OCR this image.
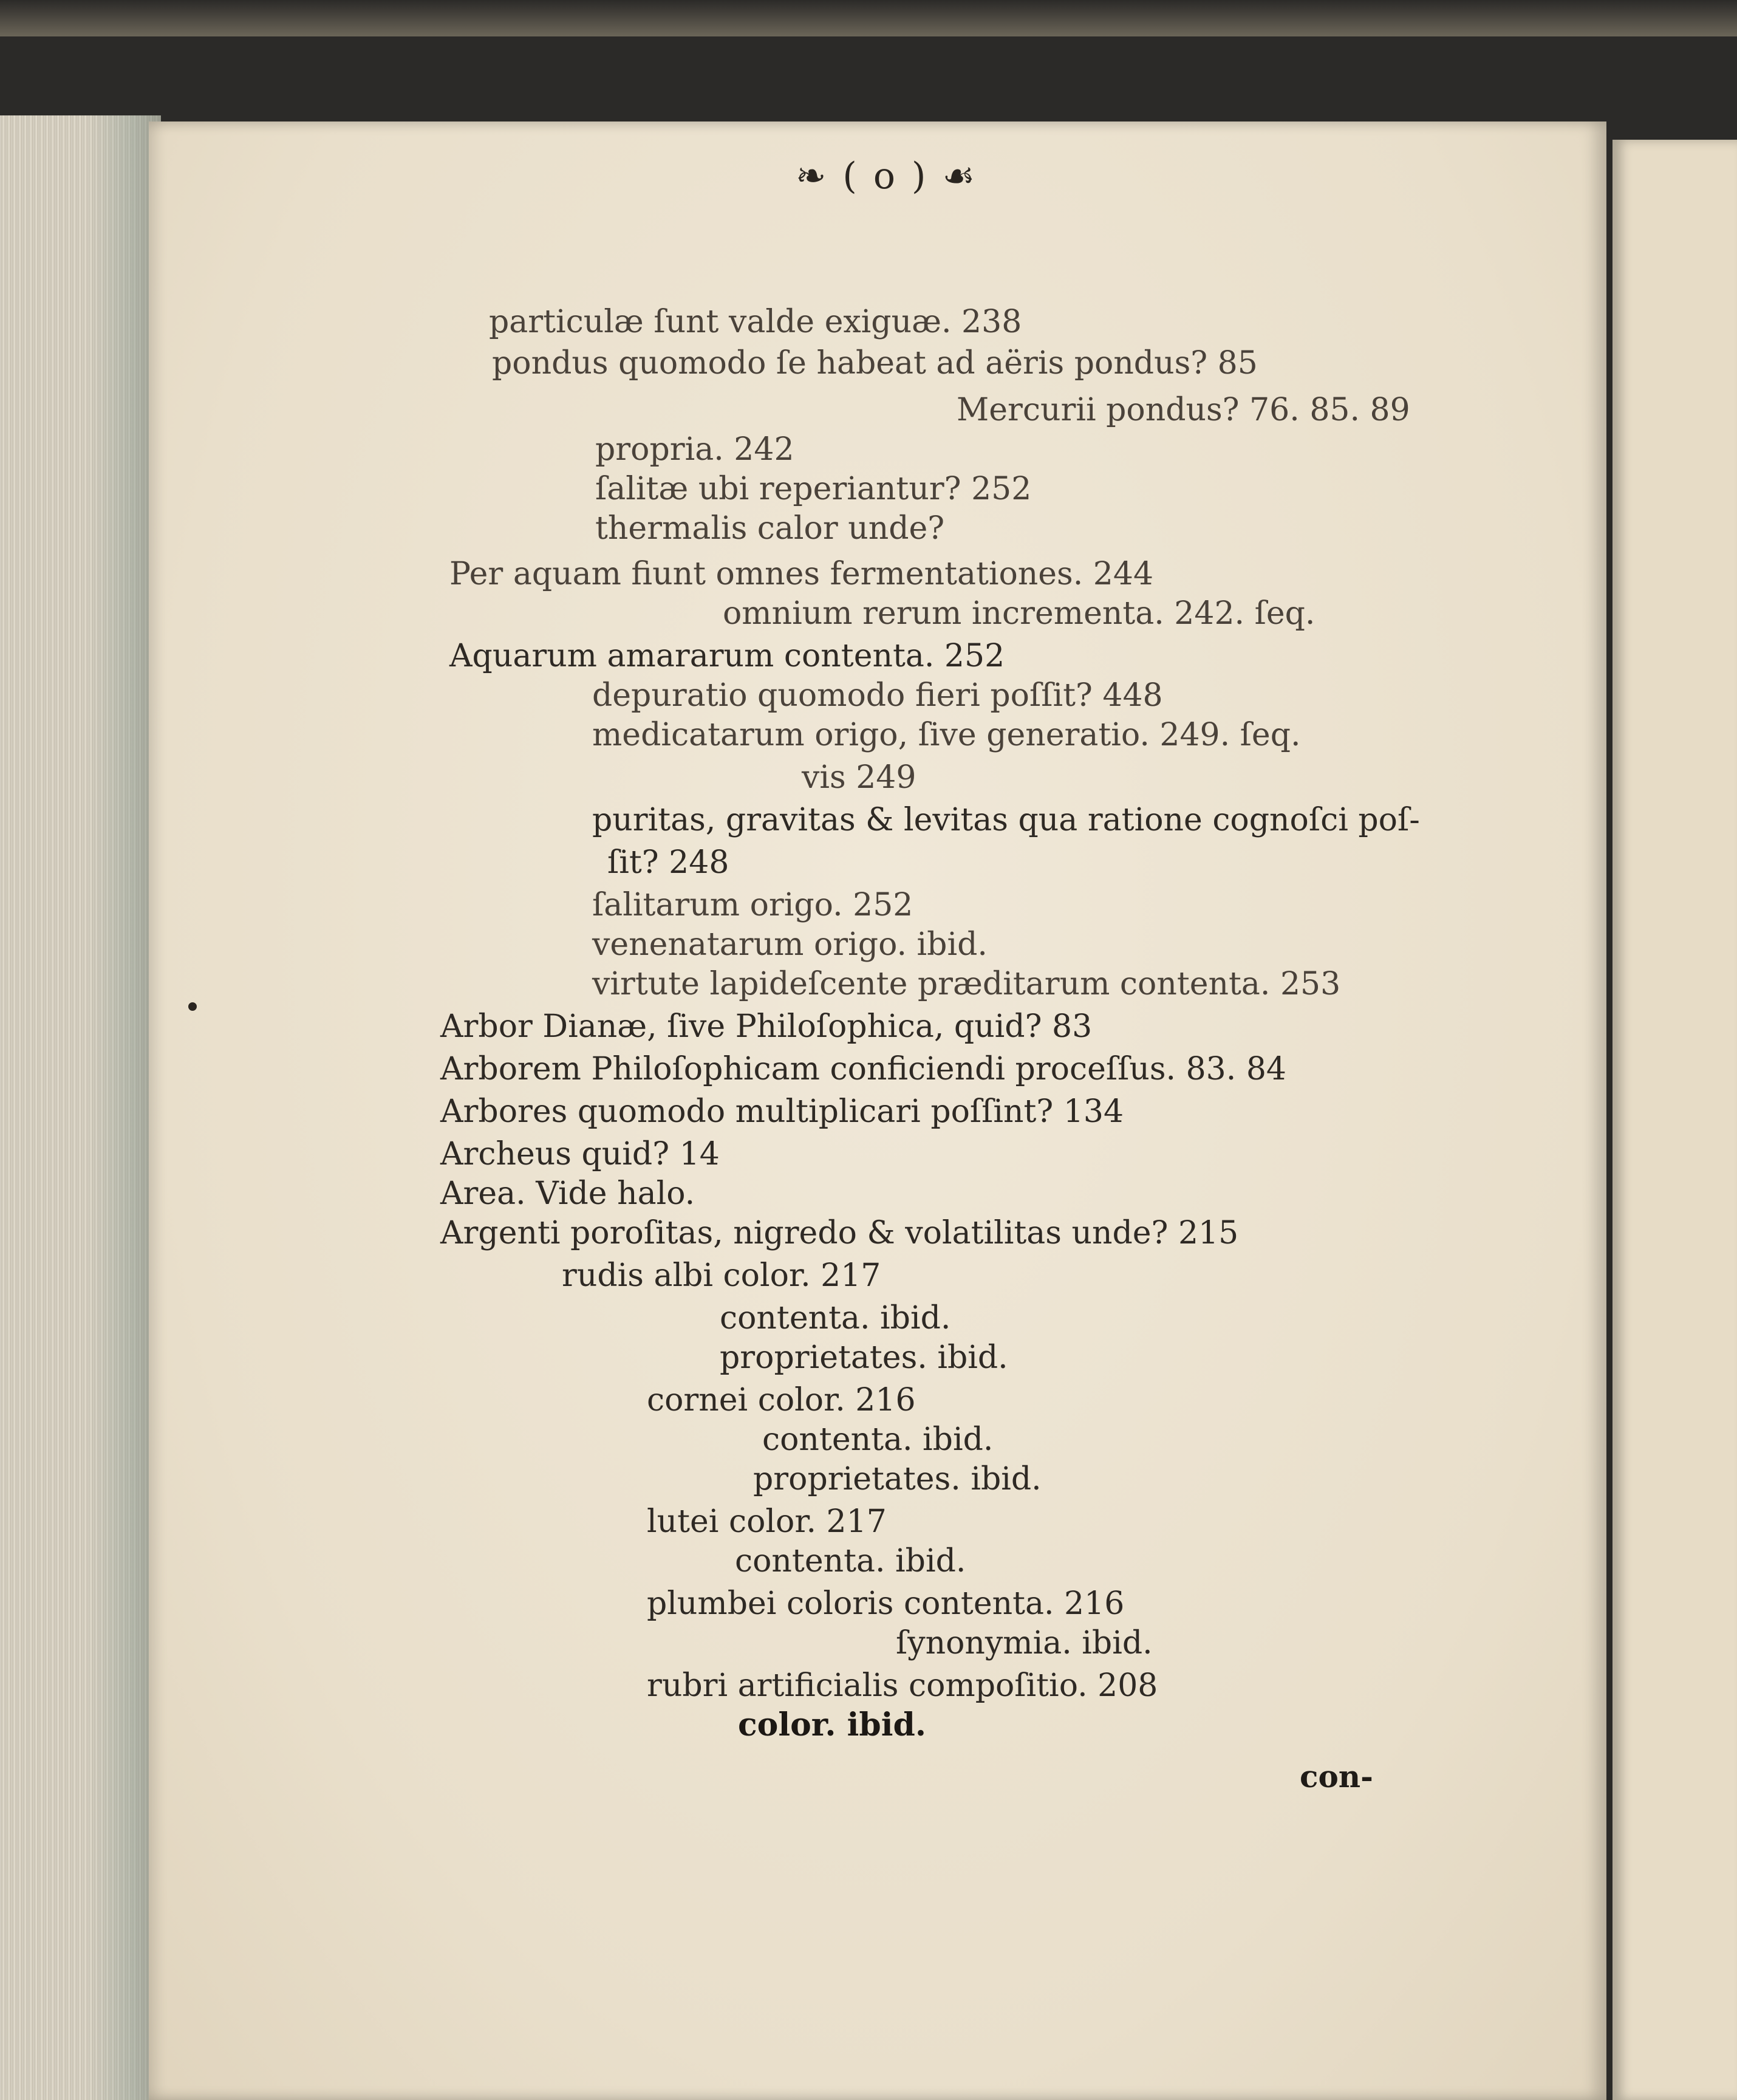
❧ ( o ) ☙
particulæ ſunt valde exiguæ. 238
pondus quomodo ſe habeat ad aëris pondus? 85
Mercurii pondus? 76. 85. 89
propria. 242
ſalitæ ubi reperiantur? 252
thermalis calor unde?
Per aquam fiunt omnes fermentationes. 244
omnium rerum incrementa. 242. ſeq.
Aquarum amararum contenta. 252
depuratio quomodo fieri poſſit? 448
medicatarum origo, ſive generatio. 249. ſeq.
vis 249
puritas, gravitas & levitas qua ratione cognoſci poſ-
ſit? 248
ſalitarum origo. 252
venenatarum origo. ibid.
virtute lapideſcente præditarum contenta. 253
Arbor Dianæ, ſive Philoſophica, quid? 83
Arborem Philoſophicam conficiendi proceſſus. 83. 84
Arbores quomodo multiplicari poſſint? 134
Archeus quid? 14
Area. Vide halo.
Argenti poroſitas, nigredo & volatilitas unde? 215
rudis albi color. 217
contenta. ibid.
proprietates. ibid.
cornei color. 216
contenta. ibid.
proprietates. ibid.
lutei color. 217
contenta. ibid.
plumbei coloris contenta. 216
ſynonymia. ibid.
rubri artificialis compoſitio. 208
color. ibid.
con-
